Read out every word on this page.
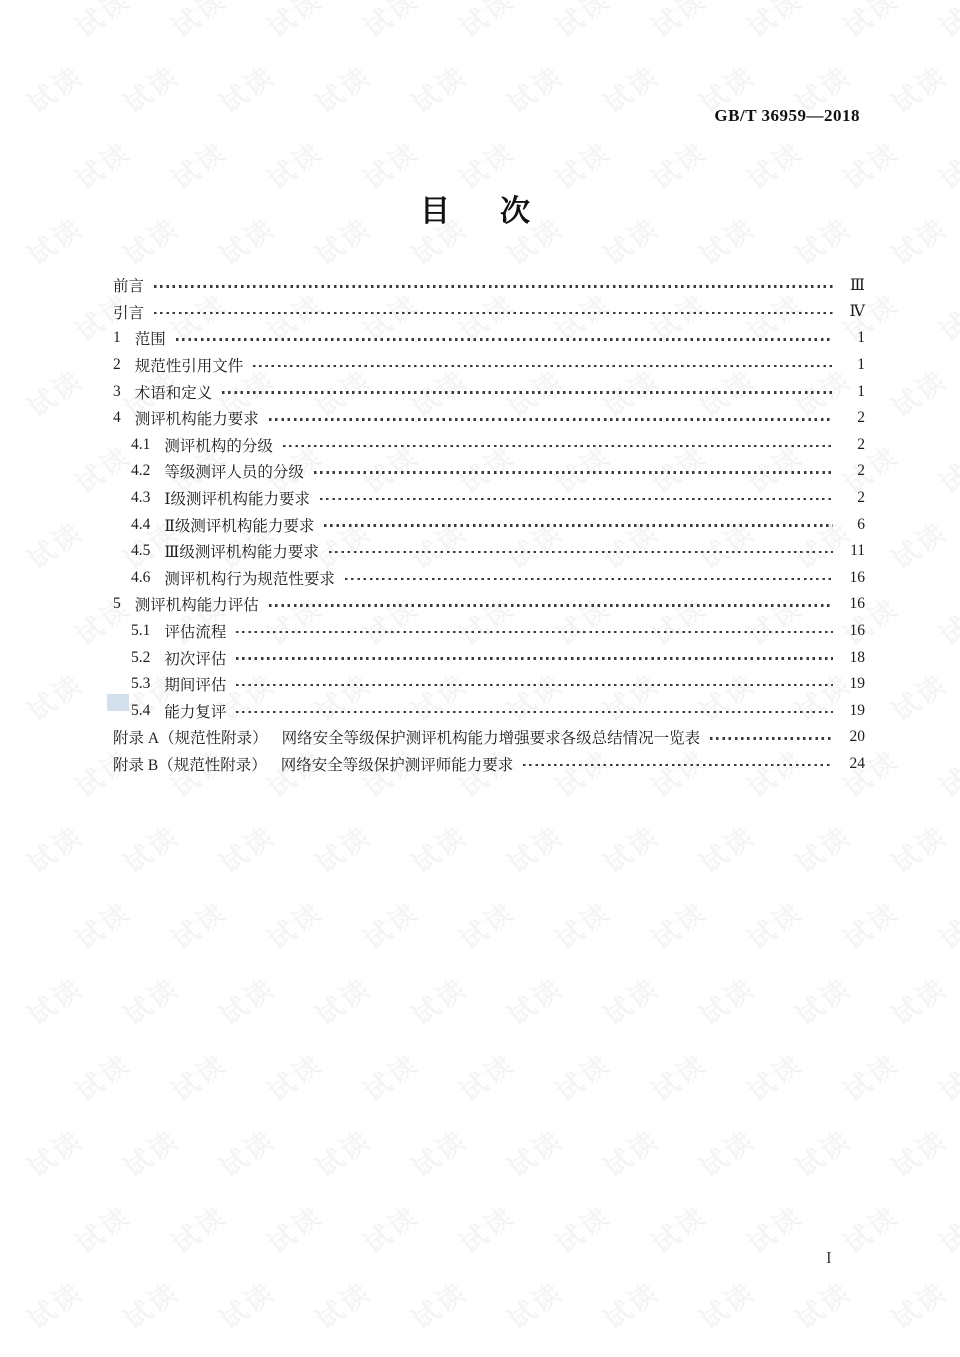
GB/T 36959—2018
目　次
前言	Ⅲ
引言	Ⅳ
1 范围	1
2 规范性引用文件	1
3 术语和定义	1
4 测评机构能力要求	2
4.1 测评机构的分级	2
4.2 等级测评人员的分级	2
4.3 Ⅰ级测评机构能力要求	2
4.4 Ⅱ级测评机构能力要求	6
4.5 Ⅲ级测评机构能力要求	11
4.6 测评机构行为规范性要求	16
5 测评机构能力评估	16
5.1 评估流程	16
5.2 初次评估	18
5.3 期间评估	19
5.4 能力复评	19
附录 A（规范性附录） 网络安全等级保护测评机构能力增强要求各级总结情况一览表	20
附录 B（规范性附录） 网络安全等级保护测评师能力要求	24
I
